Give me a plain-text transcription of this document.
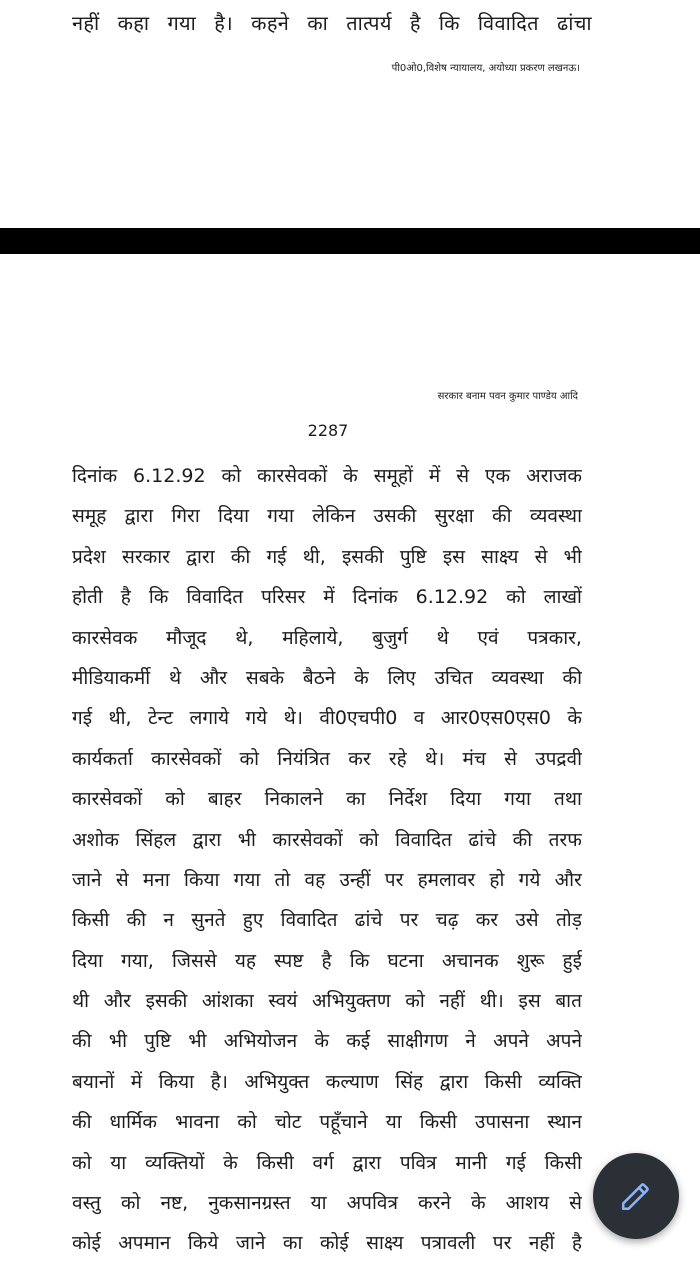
नहीं कहा गया है। कहने का तात्पर्य है कि विवादित ढांचा
पी0ओ0,विशेष न्यायालय, अयोध्या प्रकरण लखनऊ।
सरकार बनाम पवन कुमार पाण्डेय आदि
2287
दिनांक 6.12.92 को कारसेवकों के समूहों में से एक अराजक
समूह द्वारा गिरा दिया गया लेकिन उसकी सुरक्षा की व्यवस्था
प्रदेश सरकार द्वारा की गई थी, इसकी पुष्टि इस साक्ष्य से भी
होती है कि विवादित परिसर में दिनांक 6.12.92 को लाखों
कारसेवक मौजूद थे, महिलाये, बुजुर्ग थे एवं पत्रकार,
मीडियाकर्मी थे और सबके बैठने के लिए उचित व्यवस्था की
गई थी, टेन्ट लगाये गये थे। वी0एचपी0 व आर0एस0एस0 के
कार्यकर्ता कारसेवकों को नियंत्रित कर रहे थे। मंच से उपद्रवी
कारसेवकों को बाहर निकालने का निर्देश दिया गया तथा
अशोक सिंहल द्वारा भी कारसेवकों को विवादित ढांचे की तरफ
जाने से मना किया गया तो वह उन्हीं पर हमलावर हो गये और
किसी की न सुनते हुए विवादित ढांचे पर चढ़ कर उसे तोड़
दिया गया, जिससे यह स्पष्ट है कि घटना अचानक शुरू हुई
थी और इसकी आंशका स्वयं अभियुक्तण को नहीं थी। इस बात
की भी पुष्टि भी अभियोजन के कई साक्षीगण ने अपने अपने
बयानों में किया है। अभियुक्त कल्याण सिंह द्वारा किसी व्यक्ति
की धार्मिक भावना को चोट पहूँचाने या किसी उपासना स्थान
को या व्यक्तियों के किसी वर्ग द्वारा पवित्र मानी गई किसी
वस्तु को नष्ट, नुकसानग्रस्त या अपवित्र करने के आशय से
कोई अपमान किये जाने का कोई साक्ष्य पत्रावली पर नहीं है
